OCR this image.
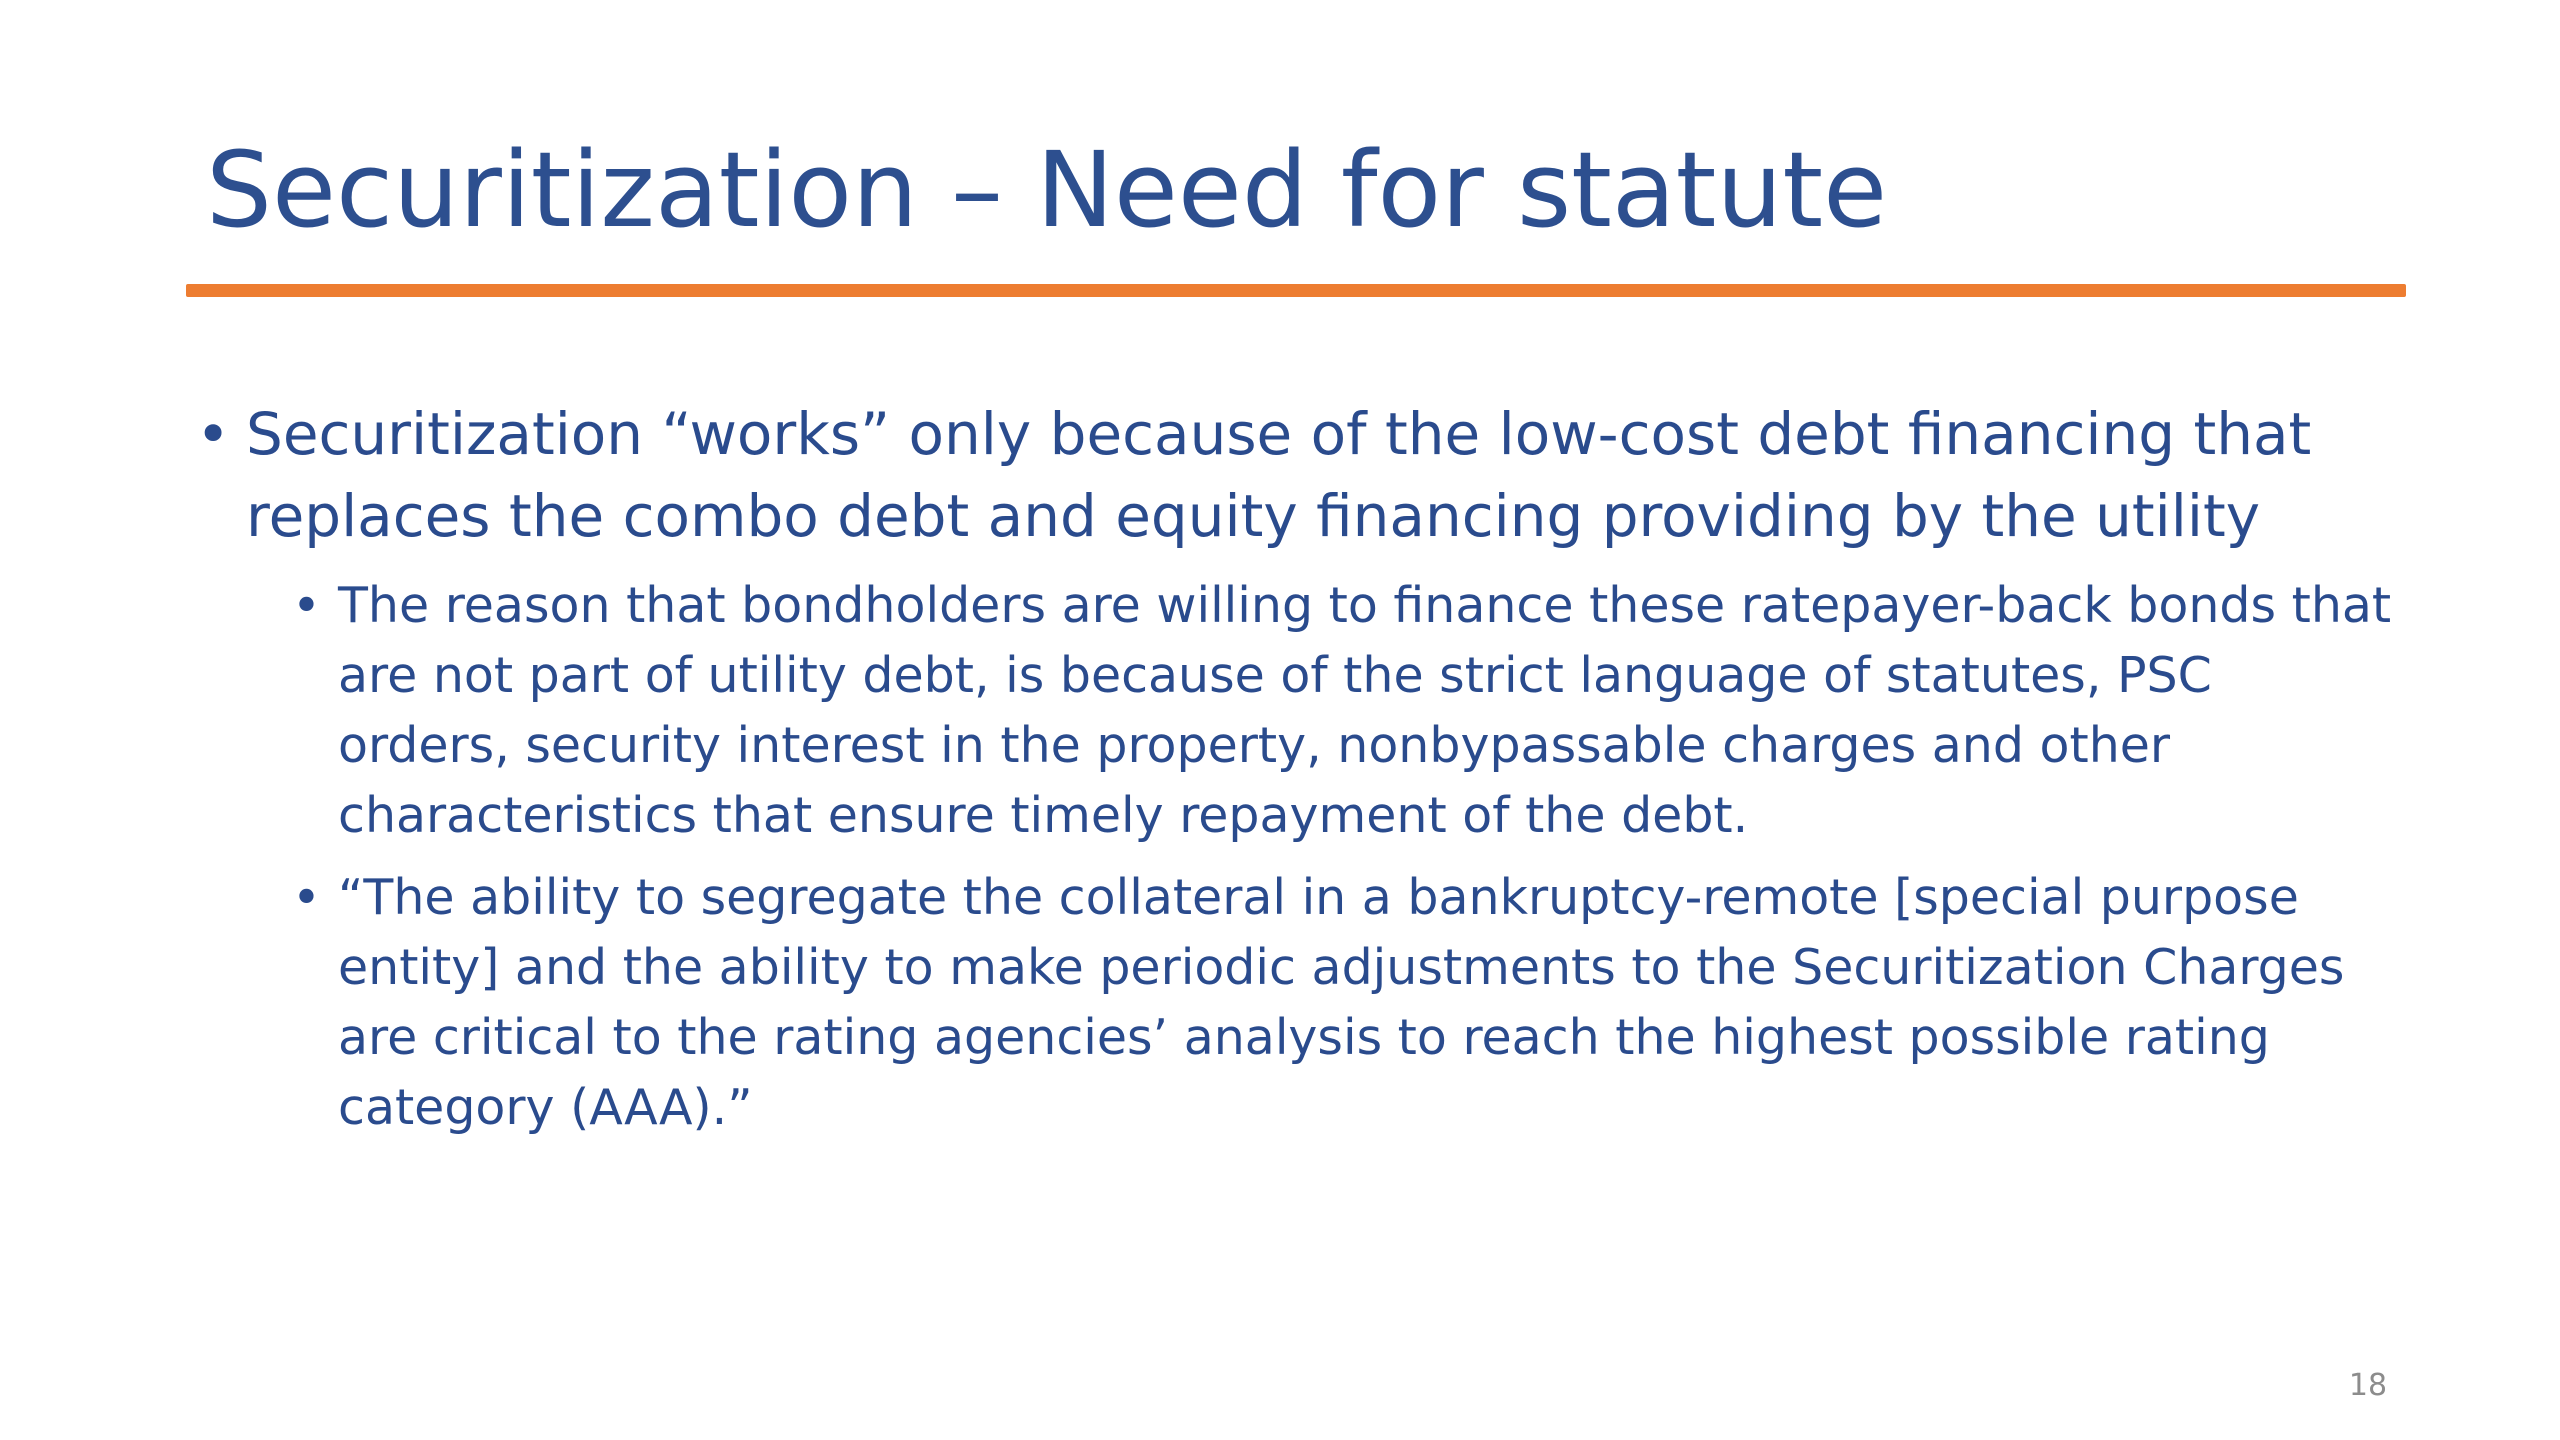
Securitization – Need for statute
• Securitization “works” only because of the low-cost debt financing that replaces the combo debt and equity financing providing by the utility
• The reason that bondholders are willing to finance these ratepayer-back bonds that are not part of utility debt, is because of the strict language of statutes, PSC orders, security interest in the property, nonbypassable charges and other characteristics that ensure timely repayment of the debt.
• “The ability to segregate the collateral in a bankruptcy-remote [special purpose entity] and the ability to make periodic adjustments to the Securitization Charges are critical to the rating agencies’ analysis to reach the highest possible rating category (AAA).”
18
